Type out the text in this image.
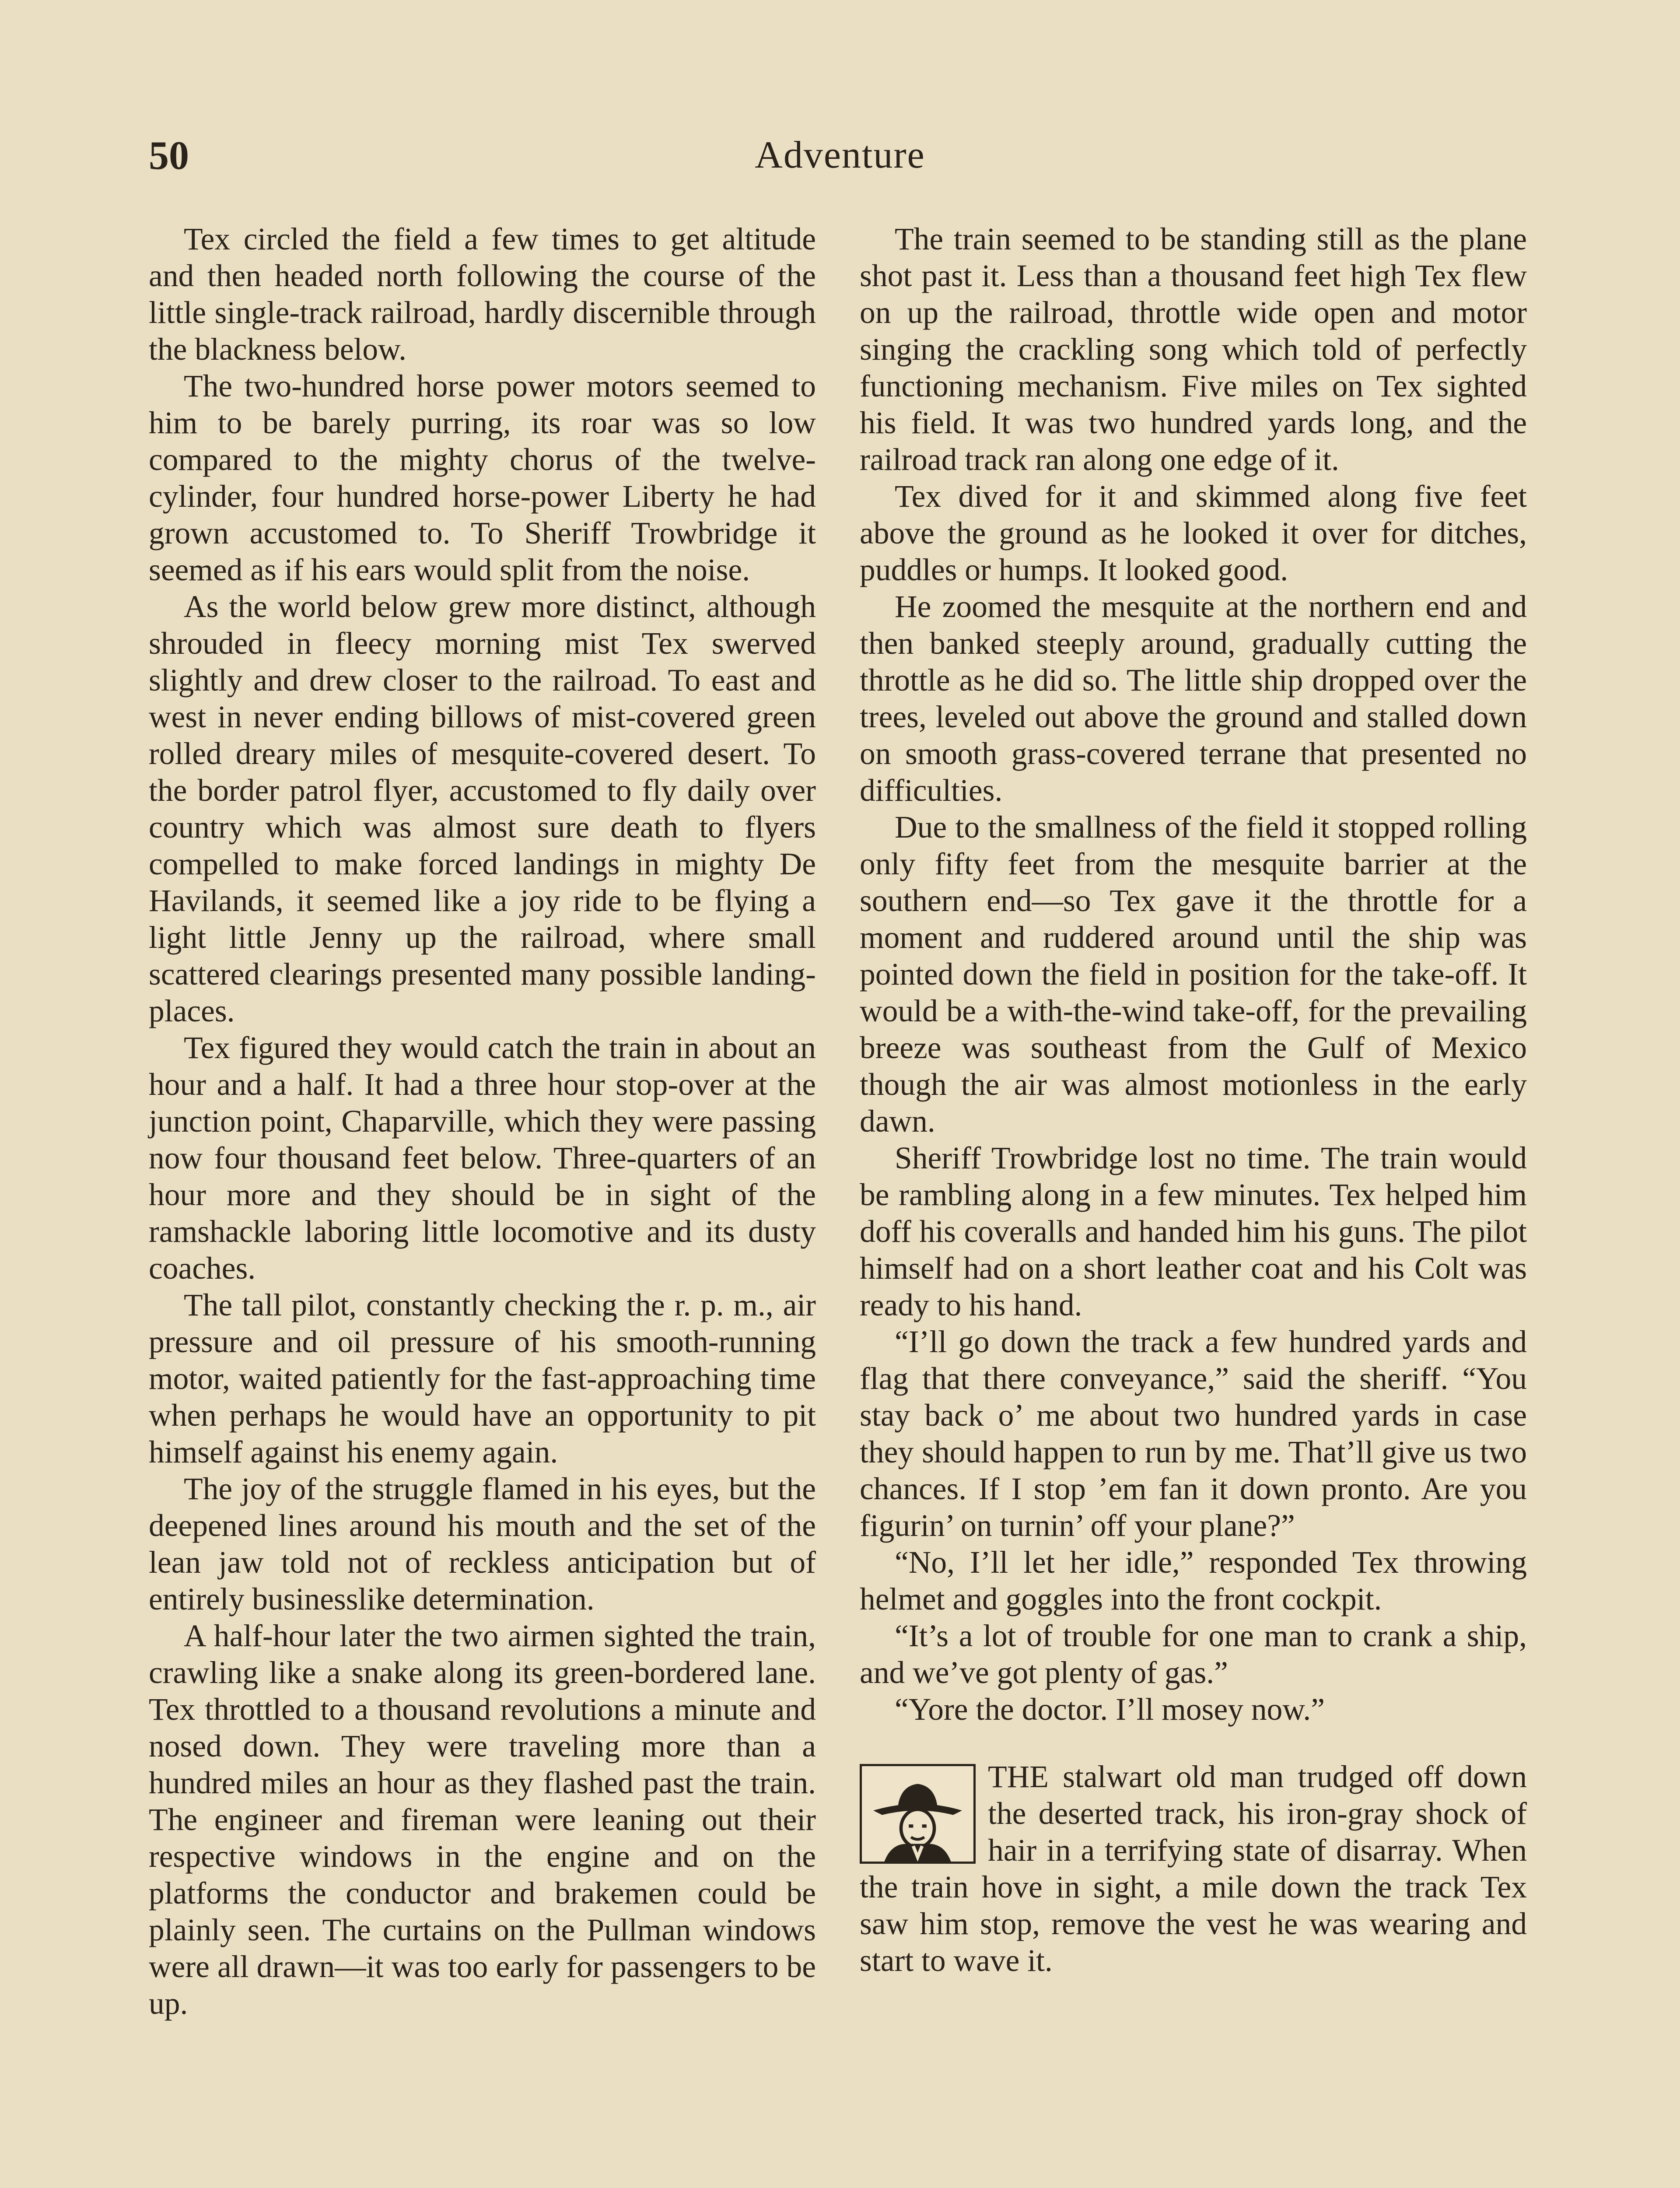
50	Adventure

Tex circled the field a few times to get altitude and then headed north following the course of the little single-track railroad, hardly discernible through the blackness below.

The two-hundred horse power motors seemed to him to be barely purring, its roar was so low compared to the mighty chorus of the twelve-cylinder, four hundred horse-power Liberty he had grown accustomed to. To Sheriff Trowbridge it seemed as if his ears would split from the noise.

As the world below grew more distinct, although shrouded in fleecy morning mist Tex swerved slightly and drew closer to the railroad. To east and west in never ending billows of mist-covered green rolled dreary miles of mesquite-covered desert. To the border patrol flyer, accustomed to fly daily over country which was almost sure death to flyers compelled to make forced landings in mighty De Havilands, it seemed like a joy ride to be flying a light little Jenny up the railroad, where small scattered clearings presented many possible landing-places.

Tex figured they would catch the train in about an hour and a half. It had a three hour stop-over at the junction point, Chaparville, which they were passing now four thousand feet below. Three-quarters of an hour more and they should be in sight of the ramshackle laboring little locomotive and its dusty coaches.

The tall pilot, constantly checking the r. p. m., air pressure and oil pressure of his smooth-running motor, waited patiently for the fast-approaching time when perhaps he would have an opportunity to pit himself against his enemy again.

The joy of the struggle flamed in his eyes, but the deepened lines around his mouth and the set of the lean jaw told not of reckless anticipation but of entirely businesslike determination.

A half-hour later the two airmen sighted the train, crawling like a snake along its green-bordered lane. Tex throttled to a thousand revolutions a minute and nosed down. They were traveling more than a hundred miles an hour as they flashed past the train. The engineer and fireman were leaning out their respective windows in the engine and on the platforms the conductor and brakemen could be plainly seen. The curtains on the Pullman windows were all drawn—it was too early for passengers to be up.

The train seemed to be standing still as the plane shot past it. Less than a thousand feet high Tex flew on up the railroad, throttle wide open and motor singing the crackling song which told of perfectly functioning mechanism. Five miles on Tex sighted his field. It was two hundred yards long, and the railroad track ran along one edge of it.

Tex dived for it and skimmed along five feet above the ground as he looked it over for ditches, puddles or humps. It looked good.

He zoomed the mesquite at the northern end and then banked steeply around, gradually cutting the throttle as he did so. The little ship dropped over the trees, leveled out above the ground and stalled down on smooth grass-covered terrane that presented no difficulties.

Due to the smallness of the field it stopped rolling only fifty feet from the mesquite barrier at the southern end—so Tex gave it the throttle for a moment and ruddered around until the ship was pointed down the field in position for the take-off. It would be a with-the-wind take-off, for the prevailing breeze was southeast from the Gulf of Mexico though the air was almost motionless in the early dawn.

Sheriff Trowbridge lost no time. The train would be rambling along in a few minutes. Tex helped him doff his coveralls and handed him his guns. The pilot himself had on a short leather coat and his Colt was ready to his hand.

“I’ll go down the track a few hundred yards and flag that there conveyance,” said the sheriff. “You stay back o’ me about two hundred yards in case they should happen to run by me. That’ll give us two chances. If I stop ’em fan it down pronto. Are you figurin’ on turnin’ off your plane?”

“No, I’ll let her idle,” responded Tex throwing helmet and goggles into the front cockpit.

“It’s a lot of trouble for one man to crank a ship, and we’ve got plenty of gas.”

“Yore the doctor. I’ll mosey now.”

THE stalwart old man trudged off down the deserted track, his iron-gray shock of hair in a terrifying state of disarray. When the train hove in sight, a mile down the track Tex saw him stop, remove the vest he was wearing and start to wave it.
